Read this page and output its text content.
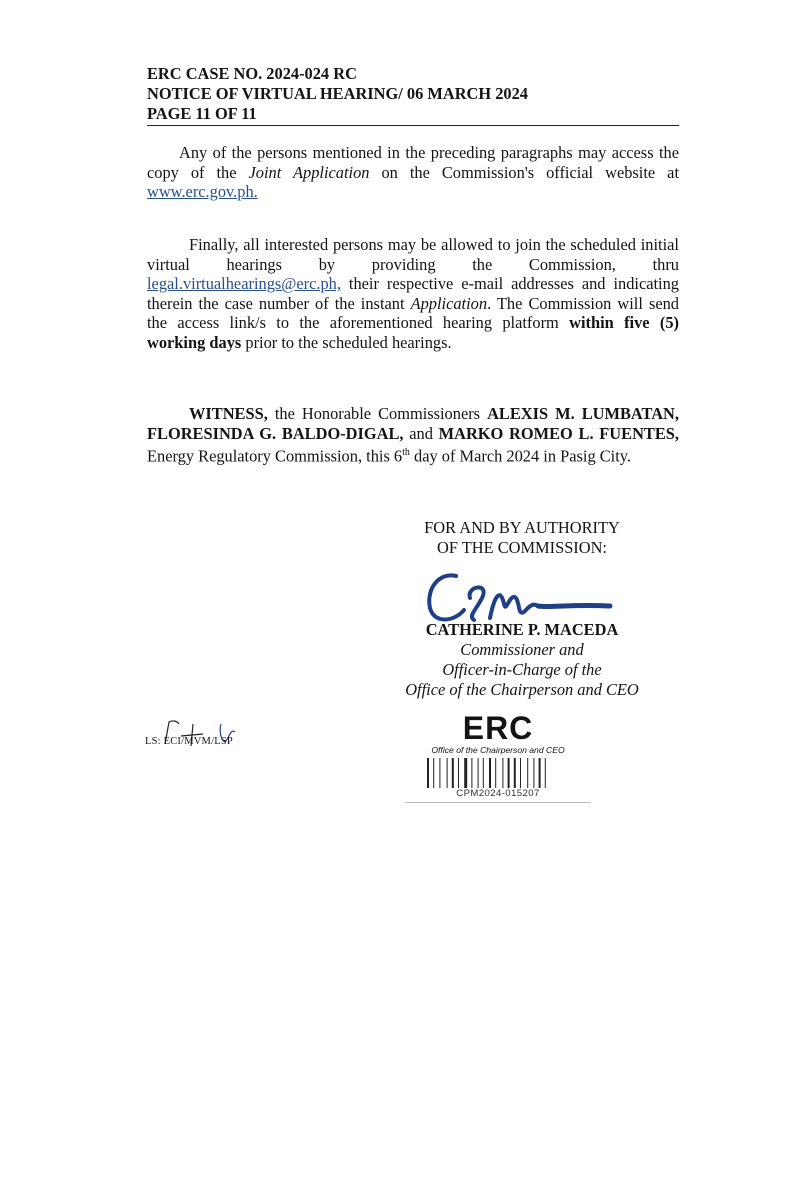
ERC CASE NO. 2024-024 RC
NOTICE OF VIRTUAL HEARING/ 06 MARCH 2024
PAGE 11 OF 11
Any of the persons mentioned in the preceding paragraphs may access the copy of the Joint Application on the Commission's official website at www.erc.gov.ph.
Finally, all interested persons may be allowed to join the scheduled initial virtual hearings by providing the Commission, thru legal.virtualhearings@erc.ph, their respective e-mail addresses and indicating therein the case number of the instant Application. The Commission will send the access link/s to the aforementioned hearing platform within five (5) working days prior to the scheduled hearings.
WITNESS, the Honorable Commissioners ALEXIS M. LUMBATAN, FLORESINDA G. BALDO-DIGAL, and MARKO ROMEO L. FUENTES, Energy Regulatory Commission, this 6th day of March 2024 in Pasig City.
FOR AND BY AUTHORITY
OF THE COMMISSION:
CATHERINE P. MACEDA
Commissioner and
Officer-in-Charge of the
Office of the Chairperson and CEO
LS: ECI/MVM/LSP	ERC
Office of the Chairperson and CEO
CPM2024-015207
